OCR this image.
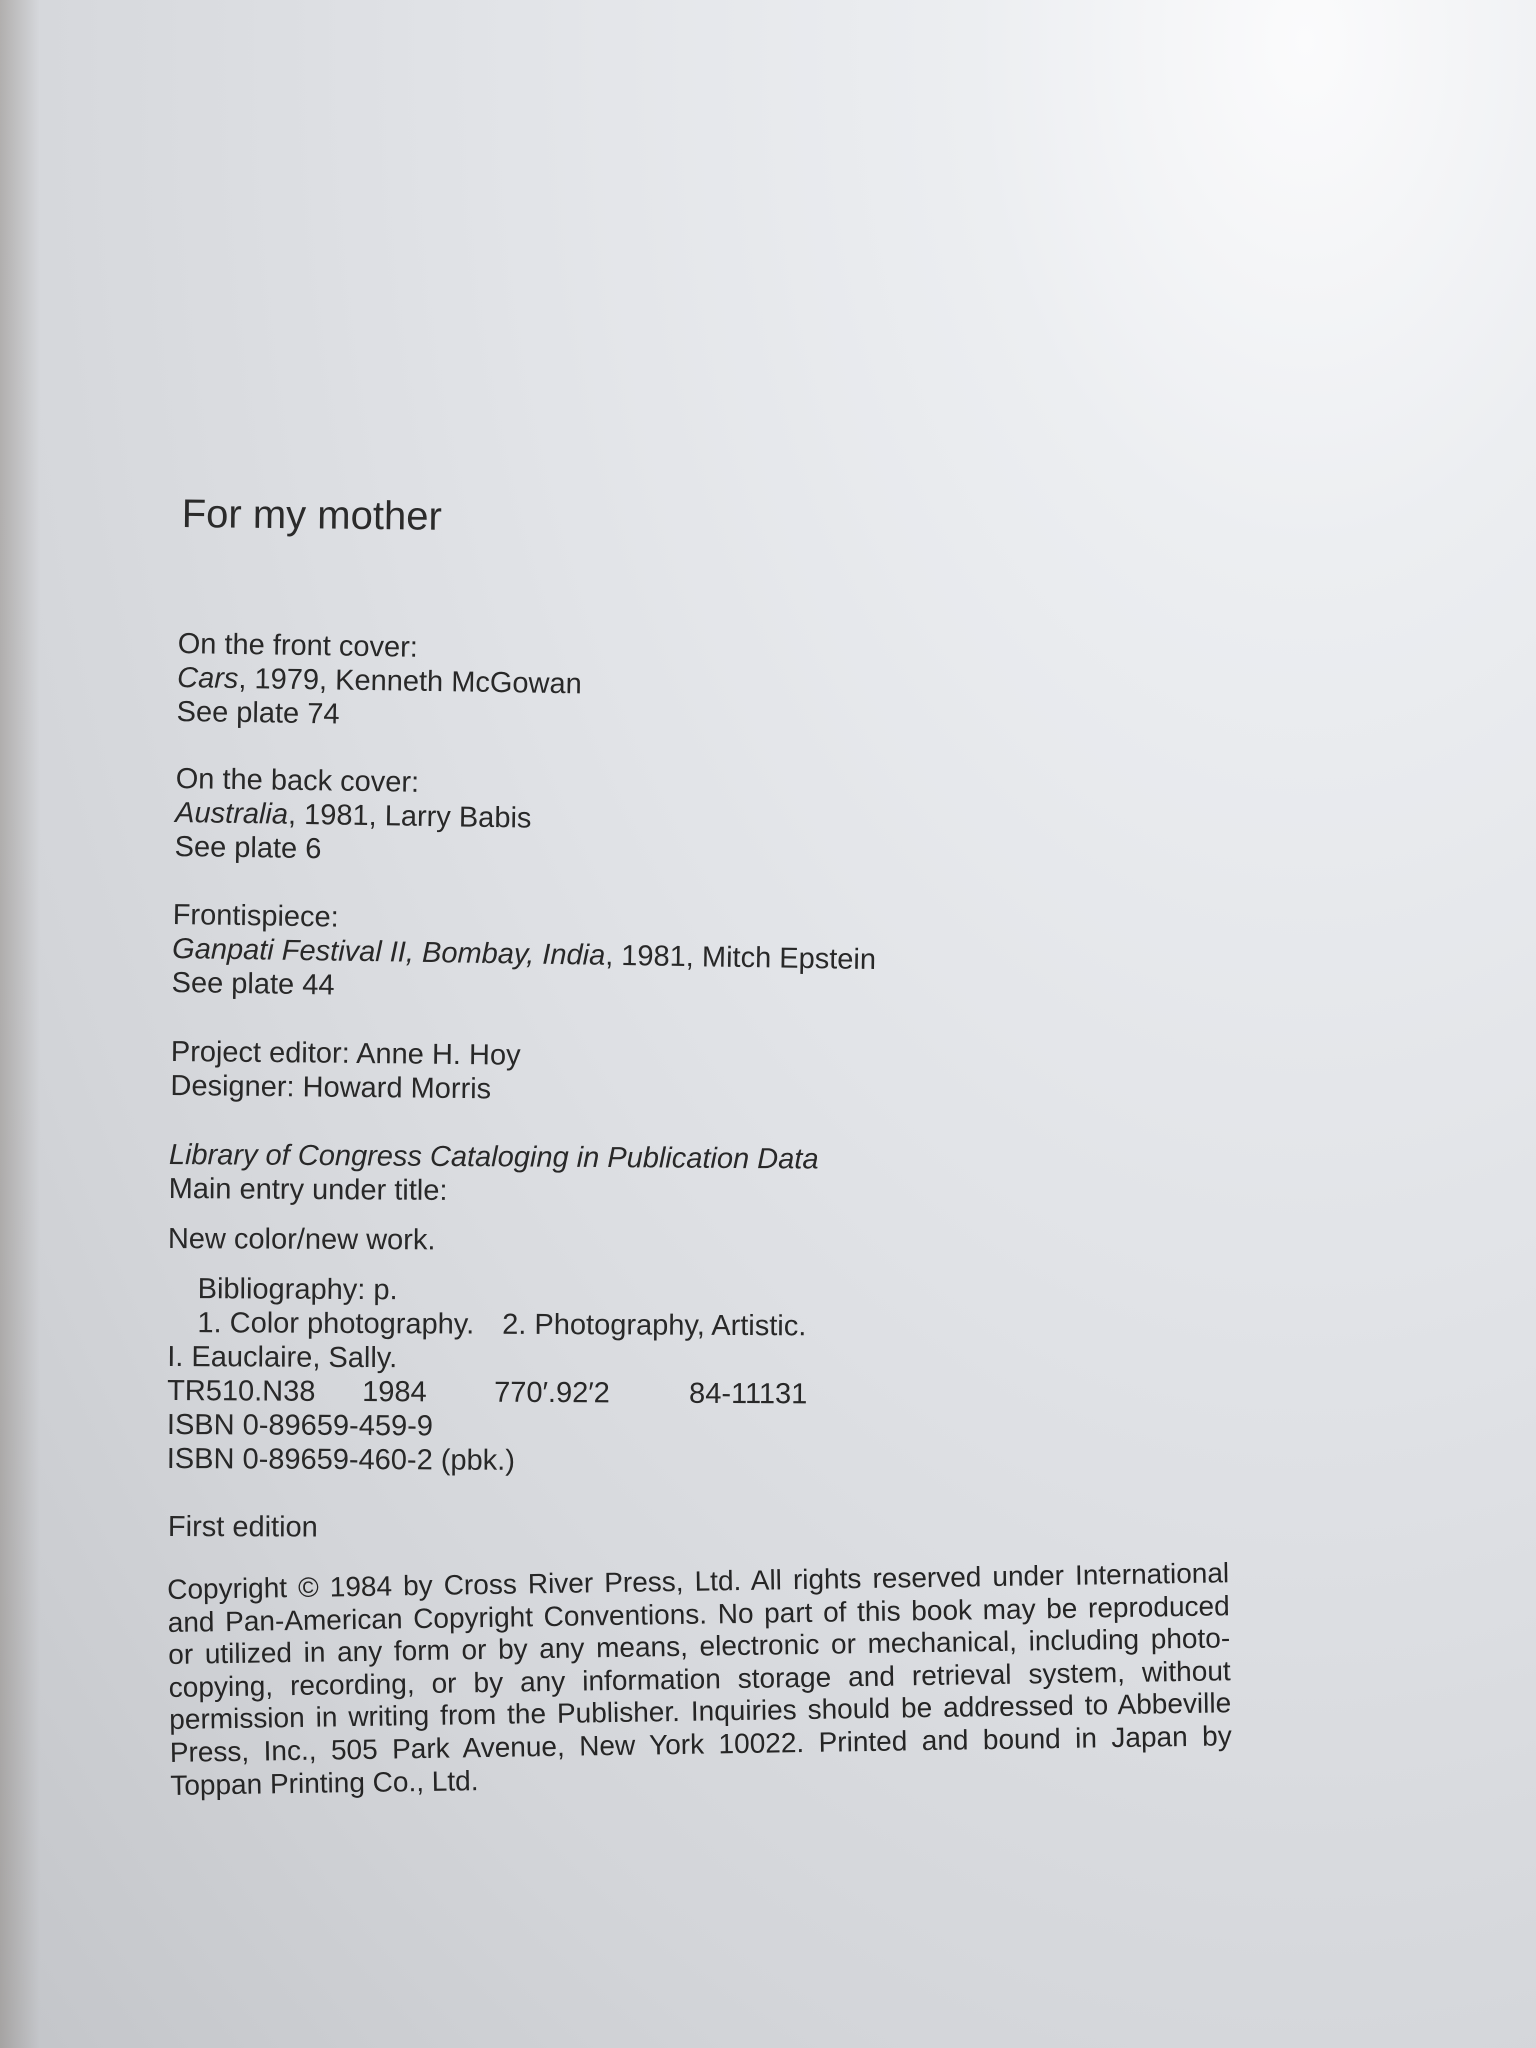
For my mother
On the front cover:
Cars, 1979, Kenneth McGowan
See plate 74
On the back cover:
Australia, 1981, Larry Babis
See plate 6
Frontispiece:
Ganpati Festival II, Bombay, India, 1981, Mitch Epstein
See plate 44
Project editor: Anne H. Hoy
Designer: Howard Morris
Library of Congress Cataloging in Publication Data
Main entry under title:
New color/new work.
Bibliography: p.
1. Color photography. 2. Photography, Artistic.
I. Eauclaire, Sally.
TR510.N38 1984 770′.92′2	84-11131
ISBN 0-89659-459-9
ISBN 0-89659-460-2 (pbk.)
First edition

Copyright © 1984 by Cross River Press, Ltd. All rights reserved under International and Pan-American Copyright Conventions. No part of this book may be reproduced or utilized in any form or by any means, electronic or mechanical, including photo-copying, recording, or by any information storage and retrieval system, without permission in writing from the Publisher. Inquiries should be addressed to Abbeville Press, Inc., 505 Park Avenue, New York 10022. Printed and bound in Japan by Toppan Printing Co., Ltd.
